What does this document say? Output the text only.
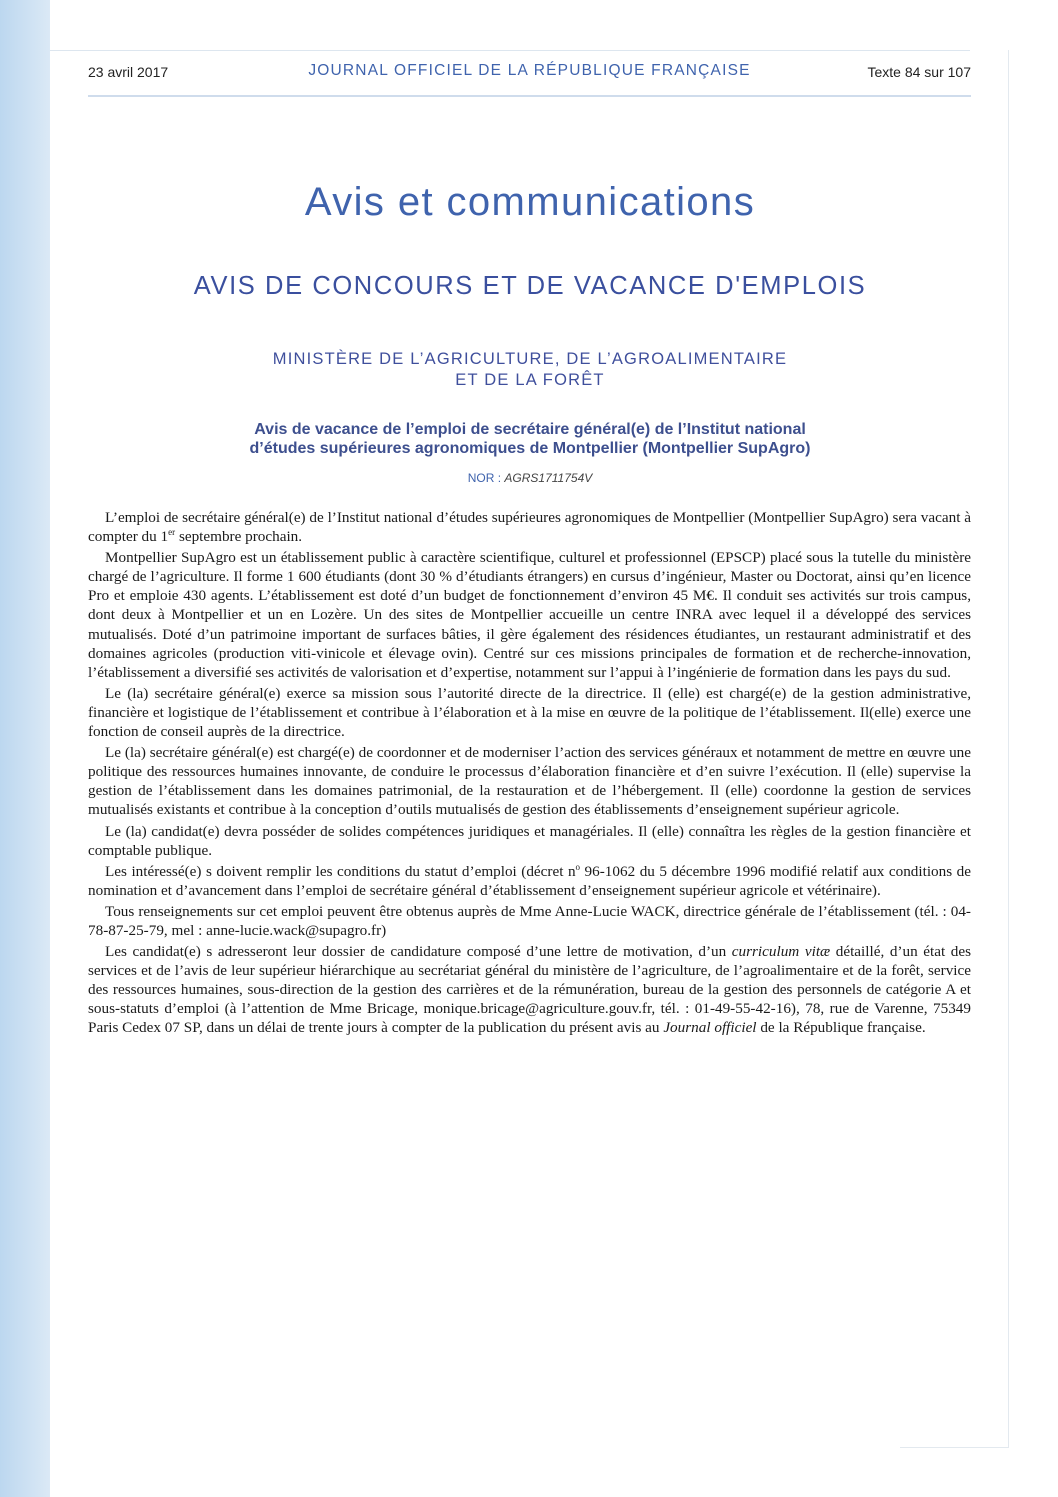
23 avril 2017	JOURNAL OFFICIEL DE LA RÉPUBLIQUE FRANÇAISE	Texte 84 sur 107
Avis et communications
AVIS DE CONCOURS ET DE VACANCE D'EMPLOIS
MINISTÈRE DE L’AGRICULTURE, DE L’AGROALIMENTAIRE
ET DE LA FORÊT
Avis de vacance de l’emploi de secrétaire général(e) de l’Institut national
d’études supérieures agronomiques de Montpellier (Montpellier SupAgro)
NOR : AGRS1711754V

L’emploi de secrétaire général(e) de l’Institut national d’études supérieures agronomiques de Montpellier (Montpellier SupAgro) sera vacant à compter du 1er septembre prochain.

Montpellier SupAgro est un établissement public à caractère scientifique, culturel et professionnel (EPSCP) placé sous la tutelle du ministère chargé de l’agriculture. Il forme 1 600 étudiants (dont 30 % d’étudiants étrangers) en cursus d’ingénieur, Master ou Doctorat, ainsi qu’en licence Pro et emploie 430 agents. L’établissement est doté d’un budget de fonctionnement d’environ 45 M€. Il conduit ses activités sur trois campus, dont deux à Montpellier et un en Lozère. Un des sites de Montpellier accueille un centre INRA avec lequel il a développé des services mutualisés. Doté d’un patrimoine important de surfaces bâties, il gère également des résidences étudiantes, un restaurant administratif et des domaines agricoles (production viti-vinicole et élevage ovin). Centré sur ces missions principales de formation et de recherche-innovation, l’établissement a diversifié ses activités de valorisation et d’expertise, notamment sur l’appui à l’ingénierie de formation dans les pays du sud.

Le (la) secrétaire général(e) exerce sa mission sous l’autorité directe de la directrice. Il (elle) est chargé(e) de la gestion administrative, financière et logistique de l’établissement et contribue à l’élaboration et à la mise en œuvre de la politique de l’établissement. Il(elle) exerce une fonction de conseil auprès de la directrice.

Le (la) secrétaire général(e) est chargé(e) de coordonner et de moderniser l’action des services généraux et notamment de mettre en œuvre une politique des ressources humaines innovante, de conduire le processus d’élaboration financière et d’en suivre l’exécution. Il (elle) supervise la gestion de l’établissement dans les domaines patrimonial, de la restauration et de l’hébergement. Il (elle) coordonne la gestion de services mutualisés existants et contribue à la conception d’outils mutualisés de gestion des établissements d’enseignement supérieur agricole.

Le (la) candidat(e) devra posséder de solides compétences juridiques et managériales. Il (elle) connaîtra les règles de la gestion financière et comptable publique.

Les intéressé(e) s doivent remplir les conditions du statut d’emploi (décret $n^o$ 96-1062 du 5 décembre 1996 modifié relatif aux conditions de nomination et d’avancement dans l’emploi de secrétaire général d’établissement d’enseignement supérieur agricole et vétérinaire).

Tous renseignements sur cet emploi peuvent être obtenus auprès de Mme Anne-Lucie WACK, directrice générale de l’établissement (tél. : 04-78-87-25-79, mel : anne-lucie.wack@supagro.fr)

Les candidat(e) s adresseront leur dossier de candidature composé d’une lettre de motivation, d’un curriculum vitæ détaillé, d’un état des services et de l’avis de leur supérieur hiérarchique au secrétariat général du ministère de l’agriculture, de l’agroalimentaire et de la forêt, service des ressources humaines, sous-direction de la gestion des carrières et de la rémunération, bureau de la gestion des personnels de catégorie A et sous-statuts d’emploi (à l’attention de Mme Bricage, monique.bricage@agriculture.gouv.fr, tél. : 01-49-55-42-16), 78, rue de Varenne, 75349 Paris Cedex 07 SP, dans un délai de trente jours à compter de la publication du présent avis au Journal officiel de la République française.
